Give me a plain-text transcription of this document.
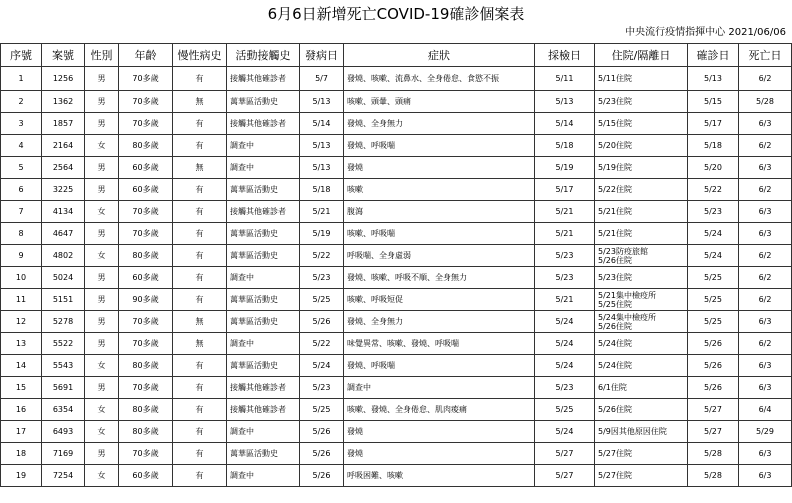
6月6日新增死亡COVID-19確診個案表
中央流行疫情指揮中心 2021/06/06
序號	案號	性別	年齡	慢性病史	活動接觸史	發病日	症狀	採檢日	住院/隔離日	確診日	死亡日
1	1256	男	70多歲	有	接觸其他確診者	5/7	發燒、咳嗽、流鼻水、全身倦怠、食慾不振	5/11	5/11住院	5/13	6/2
2	1362	男	70多歲	無	萬華區活動史	5/13	咳嗽、頭暈、頭痛	5/13	5/23住院	5/15	5/28
3	1857	男	70多歲	有	接觸其他確診者	5/14	發燒、全身無力	5/14	5/15住院	5/17	6/3
4	2164	女	80多歲	有	調查中	5/13	發燒、呼吸喘	5/18	5/20住院	5/18	6/2
5	2564	男	60多歲	無	調查中	5/13	發燒	5/19	5/19住院	5/20	6/3
6	3225	男	60多歲	有	萬華區活動史	5/18	咳嗽	5/17	5/22住院	5/22	6/2
7	4134	女	70多歲	有	接觸其他確診者	5/21	腹瀉	5/21	5/21住院	5/23	6/3
8	4647	男	70多歲	有	萬華區活動史	5/19	咳嗽、呼吸喘	5/21	5/21住院	5/24	6/3
9	4802	女	80多歲	有	萬華區活動史	5/22	呼吸喘、全身虛弱	5/23	5/23防疫旅館
5/26住院	5/24	6/2
10	5024	男	60多歲	有	調查中	5/23	發燒、咳嗽、呼吸不順、全身無力	5/23	5/23住院	5/25	6/2
11	5151	男	90多歲	有	萬華區活動史	5/25	咳嗽、呼吸短促	5/21	5/21集中檢疫所
5/25住院	5/25	6/2
12	5278	男	70多歲	無	萬華區活動史	5/26	發燒、全身無力	5/24	5/24集中檢疫所
5/26住院	5/25	6/3
13	5522	男	70多歲	無	調查中	5/22	味覺異常、咳嗽、發燒、呼吸喘	5/24	5/24住院	5/26	6/2
14	5543	女	80多歲	有	萬華區活動史	5/24	發燒、呼吸喘	5/24	5/24住院	5/26	6/3
15	5691	男	70多歲	有	接觸其他確診者	5/23	調查中	5/23	6/1住院	5/26	6/3
16	6354	女	80多歲	有	接觸其他確診者	5/25	咳嗽、發燒、全身倦怠、肌肉痠痛	5/25	5/26住院	5/27	6/4
17	6493	女	80多歲	有	調查中	5/26	發燒	5/24	5/9因其他原因住院	5/27	5/29
18	7169	男	70多歲	有	萬華區活動史	5/26	發燒	5/27	5/27住院	5/28	6/3
19	7254	女	60多歲	有	調查中	5/26	呼吸困難、咳嗽	5/27	5/27住院	5/28	6/3
